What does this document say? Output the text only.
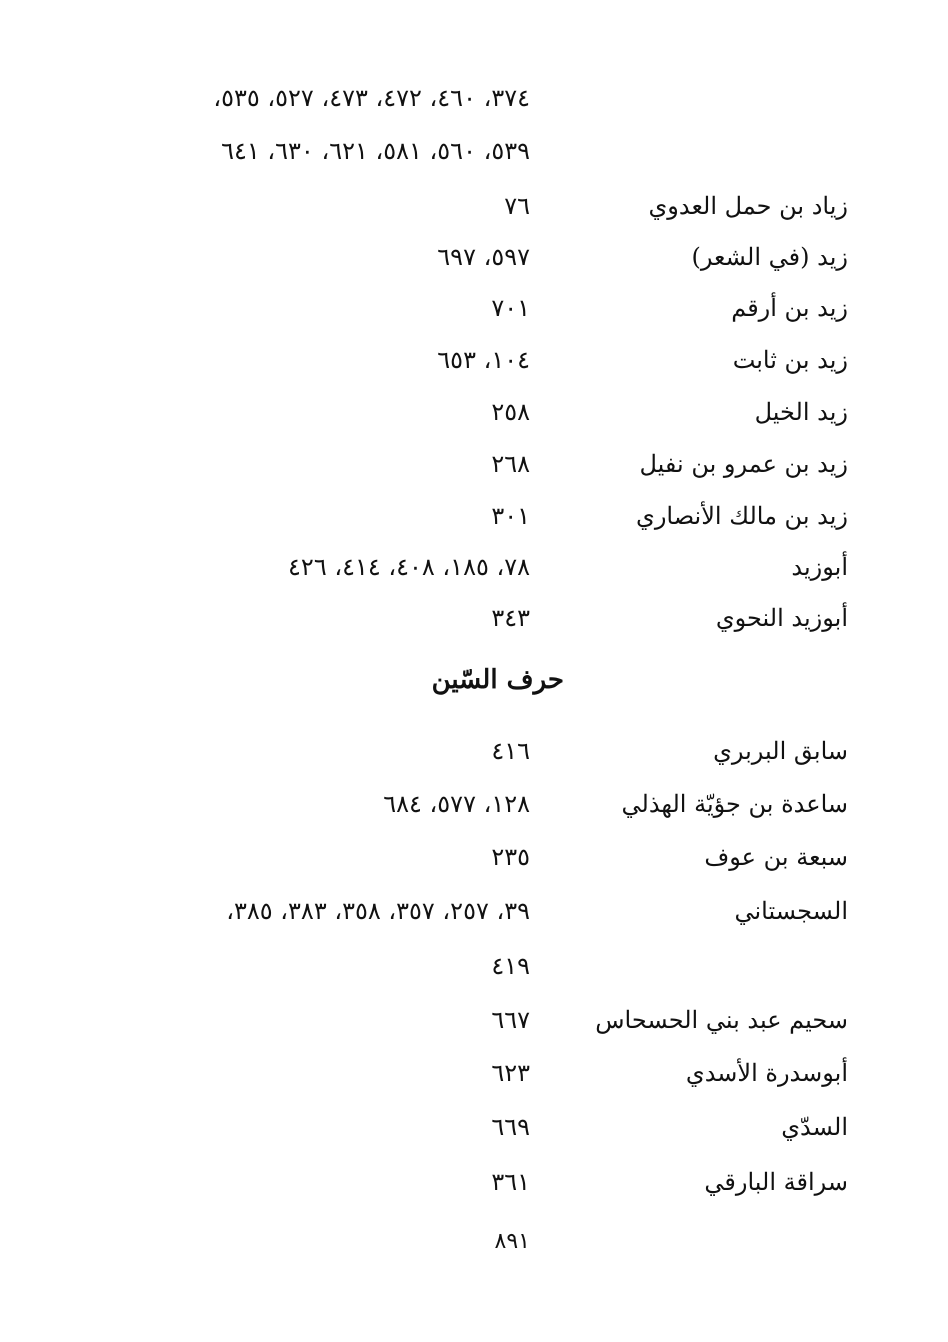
٣٧٤، ٤٦٠، ٤٧٢، ٤٧٣، ٥٢٧، ٥٣٥،
٥٣٩، ٥٦٠، ٥٨١، ٦٢١، ٦٣٠، ٦٤١
زياد بن حمل العدوي
٧٦
زيد (في الشعر)
٥٩٧، ٦٩٧
زيد بن أرقم
٧٠١
زيد بن ثابت
١٠٤، ٦٥٣
زيد الخيل
٢٥٨
زيد بن عمرو بن نفيل
٢٦٨
زيد بن مالك الأنصاري
٣٠١
أبوزيد
٧٨، ١٨٥، ٤٠٨، ٤١٤، ٤٢٦
أبوزيد النحوي
٣٤٣
حرف السّين
سابق البربري
٤١٦
ساعدة بن جؤيّة الهذلي
١٢٨، ٥٧٧، ٦٨٤
سبعة بن عوف
٢٣٥
السجستاني
٣٩، ٢٥٧، ٣٥٧، ٣٥٨، ٣٨٣، ٣٨٥،
٤١٩
سحيم عبد بني الحسحاس
٦٦٧
أبوسدرة الأسدي
٦٢٣
السدّي
٦٦٩
سراقة البارقي
٣٦١
٨٩١
